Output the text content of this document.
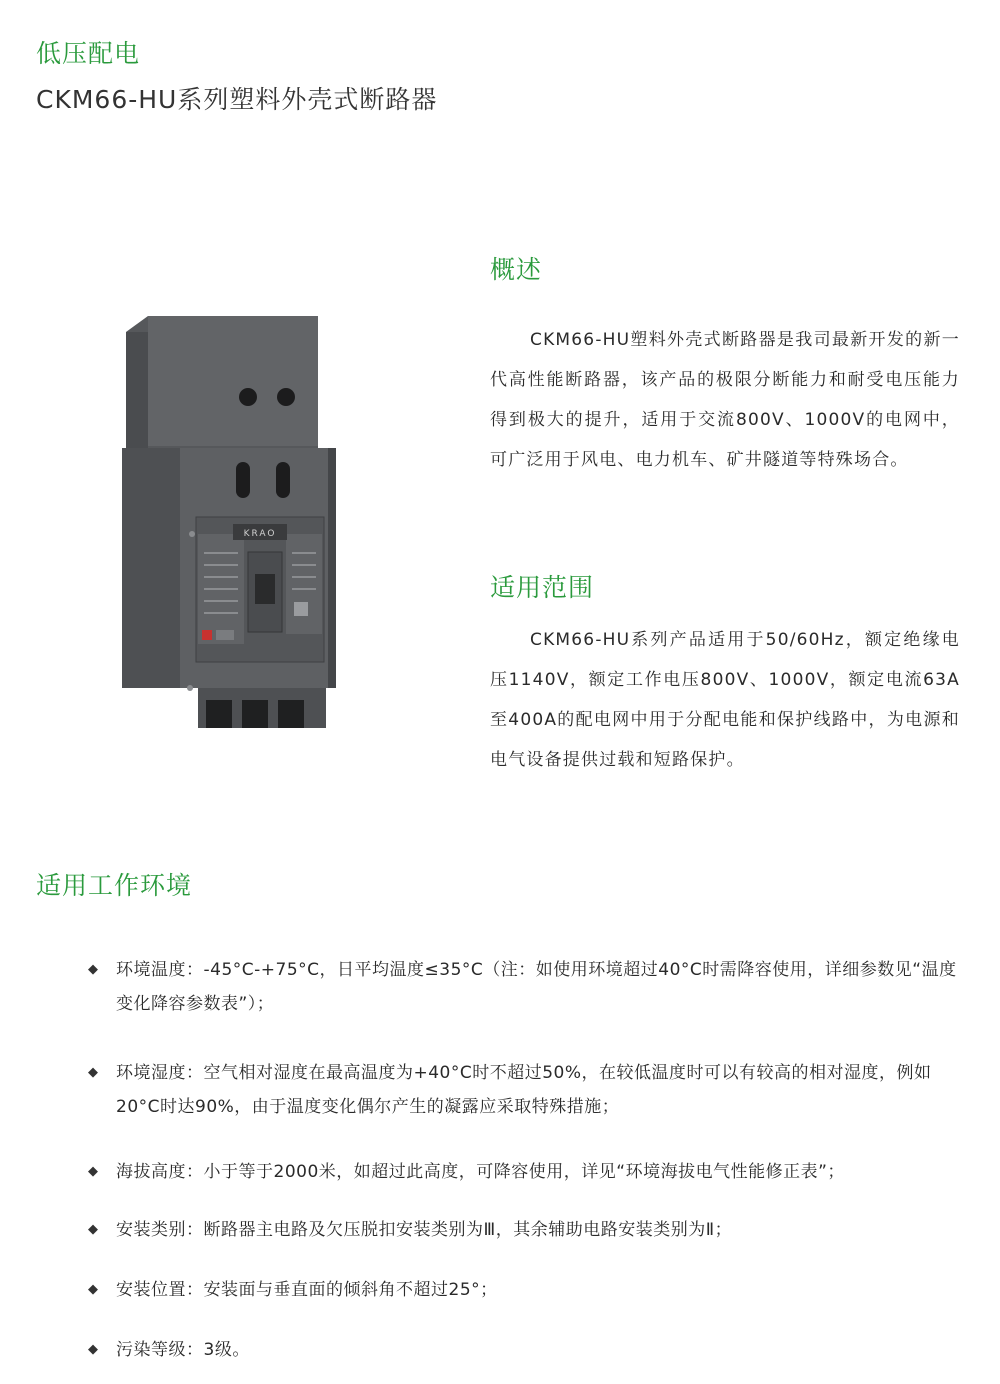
低压配电
CKM66-HU系列塑料外壳式断路器
KRAO
概述

CKM66-HU塑料外壳式断路器是我司最新开发的新一代高性能断路器，该产品的极限分断能力和耐受电压能力得到极大的提升，适用于交流800V、1000V的电网中，可广泛用于风电、电力机车、矿井隧道等特殊场合。

适用范围

CKM66-HU系列产品适用于50/60Hz，额定绝缘电压1140V，额定工作电压800V、1000V，额定电流63A至400A的配电网中用于分配电能和保护线路中，为电源和电气设备提供过载和短路保护。

适用工作环境
◆ 环境温度：-45°C-+75°C，日平均温度≤35°C（注：如使用环境超过40°C时需降容使用，详细参数见“温度变化降容参数表”）；
◆ 环境湿度：空气相对湿度在最高温度为+40°C时不超过50%，在较低温度时可以有较高的相对湿度，例如20°C时达90%，由于温度变化偶尔产生的凝露应采取特殊措施；
◆ 海拔高度：小于等于2000米，如超过此高度，可降容使用，详见“环境海拔电气性能修正表”；
◆ 安装类别：断路器主电路及欠压脱扣安装类别为Ⅲ，其余辅助电路安装类别为Ⅱ；
◆ 安装位置：安装面与垂直面的倾斜角不超过25°；
◆ 污染等级：3级。
